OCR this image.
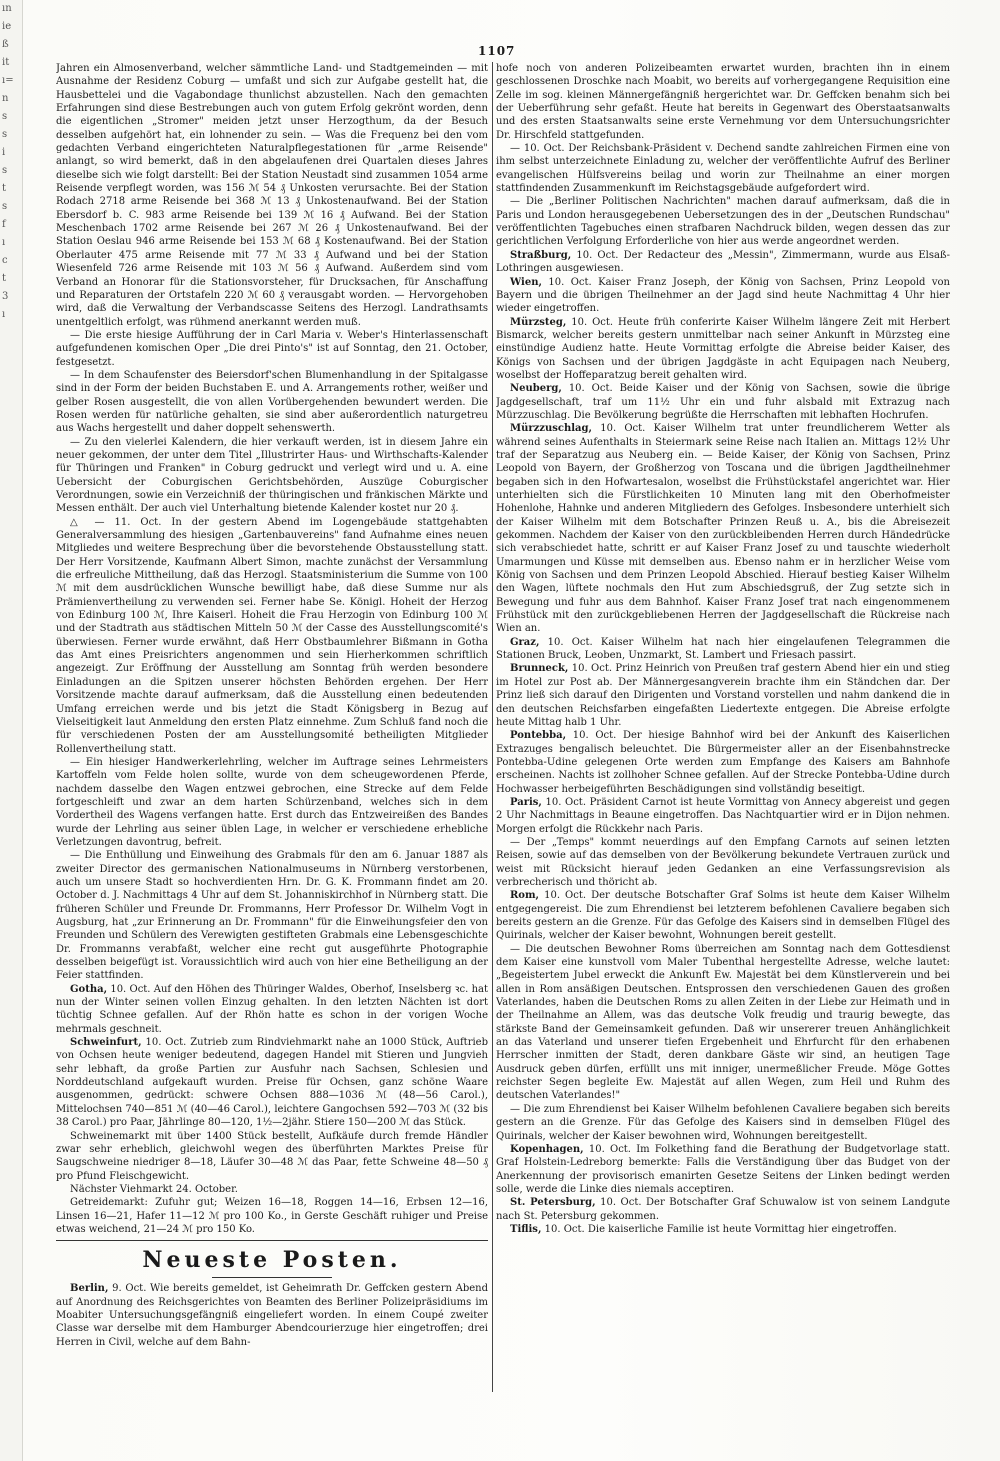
ın
ie
ß
it
ı=
n
s
s
i
s
t
s
f
ı
c
t
3
ı
1107

Jahren ein Almosenverband, welcher sämmtliche Land- und Stadtgemeinden — mit Ausnahme der Residenz Coburg — umfaßt und sich zur Aufgabe gestellt hat, die Hausbettelei und die Vagabondage thunlichst abzustellen. Nach den gemachten Erfahrungen sind diese Bestrebungen auch von gutem Erfolg gekrönt worden, denn die eigentlichen „Stromer" meiden jetzt unser Herzogthum, da der Besuch desselben aufgehört hat, ein lohnender zu sein. — Was die Frequenz bei den vom gedachten Verband eingerichteten Naturalpflegestationen für „arme Reisende" anlangt, so wird bemerkt, daß in den abgelaufenen drei Quartalen dieses Jahres dieselbe sich wie folgt darstellt: Bei der Station Neustadt sind zusammen 1054 arme Reisende verpflegt worden, was 156 ℳ 54 ₰ Unkosten verursachte. Bei der Station Rodach 2718 arme Reisende bei 368 ℳ 13 ₰ Unkostenaufwand. Bei der Station Ebersdorf b. C. 983 arme Reisende bei 139 ℳ 16 ₰ Aufwand. Bei der Station Meschenbach 1702 arme Reisende bei 267 ℳ 26 ₰ Unkostenaufwand. Bei der Station Oeslau 946 arme Reisende bei 153 ℳ 68 ₰ Kostenaufwand. Bei der Station Oberlauter 475 arme Reisende mit 77 ℳ 33 ₰ Aufwand und bei der Station Wiesenfeld 726 arme Reisende mit 103 ℳ 56 ₰ Aufwand. Außerdem sind vom Verband an Honorar für die Stationsvorsteher, für Drucksachen, für Anschaffung und Reparaturen der Ortstafeln 220 ℳ 60 ₰ verausgabt worden. — Hervorgehoben wird, daß die Verwaltung der Verbandscasse Seitens des Herzogl. Landrathsamts unentgeltlich erfolgt, was rühmend anerkannt werden muß.

— Die erste hiesige Aufführung der in Carl Maria v. Weber's Hinterlassenschaft aufgefundenen komischen Oper „Die drei Pinto's" ist auf Sonntag, den 21. October, festgesetzt.

— In dem Schaufenster des Beiersdorf'schen Blumenhandlung in der Spitalgasse sind in der Form der beiden Buchstaben E. und A. Arrangements rother, weißer und gelber Rosen ausgestellt, die von allen Vorübergehenden bewundert werden. Die Rosen werden für natürliche gehalten, sie sind aber außerordentlich naturgetreu aus Wachs hergestellt und daher doppelt sehenswerth.

— Zu den vielerlei Kalendern, die hier verkauft werden, ist in diesem Jahre ein neuer gekommen, der unter dem Titel „Illustrirter Haus- und Wirthschafts-Kalender für Thüringen und Franken" in Coburg gedruckt und verlegt wird und u. A. eine Uebersicht der Coburgischen Gerichtsbehörden, Auszüge Coburgischer Verordnungen, sowie ein Verzeichniß der thüringischen und fränkischen Märkte und Messen enthält. Der auch viel Unterhaltung bietende Kalender kostet nur 20 ₰.

△ — 11. Oct. In der gestern Abend im Logengebäude stattgehabten Generalversammlung des hiesigen „Gartenbauvereins" fand Aufnahme eines neuen Mitgliedes und weitere Besprechung über die bevorstehende Obstausstellung statt. Der Herr Vorsitzende, Kaufmann Albert Simon, machte zunächst der Versammlung die erfreuliche Mittheilung, daß das Herzogl. Staatsministerium die Summe von 100 ℳ mit dem ausdrücklichen Wunsche bewilligt habe, daß diese Summe nur als Prämienvertheilung zu verwenden sei. Ferner habe Se. Königl. Hoheit der Herzog von Edinburg 100 ℳ, Ihre Kaiserl. Hoheit die Frau Herzogin von Edinburg 100 ℳ und der Stadtrath aus städtischen Mitteln 50 ℳ der Casse des Ausstellungscomité's überwiesen. Ferner wurde erwähnt, daß Herr Obstbaumlehrer Bißmann in Gotha das Amt eines Preisrichters angenommen und sein Hierherkommen schriftlich angezeigt. Zur Eröffnung der Ausstellung am Sonntag früh werden besondere Einladungen an die Spitzen unserer höchsten Behörden ergehen. Der Herr Vorsitzende machte darauf aufmerksam, daß die Ausstellung einen bedeutenden Umfang erreichen werde und bis jetzt die Stadt Königsberg in Bezug auf Vielseitigkeit laut Anmeldung den ersten Platz einnehme. Zum Schluß fand noch die für verschiedenen Posten der am Ausstellungsomité betheiligten Mitglieder Rollenvertheilung statt.

— Ein hiesiger Handwerkerlehrling, welcher im Auftrage seines Lehrmeisters Kartoffeln vom Felde holen sollte, wurde von dem scheugewordenen Pferde, nachdem dasselbe den Wagen entzwei gebrochen, eine Strecke auf dem Felde fortgeschleift und zwar an dem harten Schürzenband, welches sich in dem Vordertheil des Wagens verfangen hatte. Erst durch das Entzweireißen des Bandes wurde der Lehrling aus seiner üblen Lage, in welcher er verschiedene erhebliche Verletzungen davontrug, befreit.

— Die Enthüllung und Einweihung des Grabmals für den am 6. Januar 1887 als zweiter Director des germanischen Nationalmuseums in Nürnberg verstorbenen, auch um unsere Stadt so hochverdienten Hrn. Dr. G. K. Frommann findet am 20. October d. J. Nachmittags 4 Uhr auf dem St. Johanniskirchhof in Nürnberg statt. Die früheren Schüler und Freunde Dr. Frommanns, Herr Professor Dr. Wilhelm Vogt in Augsburg, hat „zur Erinnerung an Dr. Frommann" für die Einweihungsfeier den von Freunden und Schülern des Verewigten gestifteten Grabmals eine Lebensgeschichte Dr. Frommanns verabfaßt, welcher eine recht gut ausgeführte Photographie desselben beigefügt ist. Voraussichtlich wird auch von hier eine Betheiligung an der Feier stattfinden.

Gotha, 10. Oct. Auf den Höhen des Thüringer Waldes, Oberhof, Inselsberg ꝛc. hat nun der Winter seinen vollen Einzug gehalten. In den letzten Nächten ist dort tüchtig Schnee gefallen. Auf der Rhön hatte es schon in der vorigen Woche mehrmals geschneit.

Schweinfurt, 10. Oct. Zutrieb zum Rindviehmarkt nahe an 1000 Stück, Auftrieb von Ochsen heute weniger bedeutend, dagegen Handel mit Stieren und Jungvieh sehr lebhaft, da große Partien zur Ausfuhr nach Sachsen, Schlesien und Norddeutschland aufgekauft wurden. Preise für Ochsen, ganz schöne Waare ausgenommen, gedrückt: schwere Ochsen 888—1036 ℳ (48—56 Carol.), Mittelochsen 740—851 ℳ (40—46 Carol.), leichtere Gangochsen 592—703 ℳ (32 bis 38 Carol.) pro Paar, Jährlinge 80—120, 1½—2jähr. Stiere 150—200 ℳ das Stück.

Schweinemarkt mit über 1400 Stück bestellt, Aufkäufe durch fremde Händler zwar sehr erheblich, gleichwohl wegen des überführten Marktes Preise für Saugschweine niedriger 8—18, Läufer 30—48 ℳ das Paar, fette Schweine 48—50 ₰ pro Pfund Fleischgewicht.

Nächster Viehmarkt 24. October.

Getreidemarkt: Zufuhr gut; Weizen 16—18, Roggen 14—16, Erbsen 12—16, Linsen 16—21, Hafer 11—12 ℳ pro 100 Ko., in Gerste Geschäft ruhiger und Preise etwas weichend, 21—24 ℳ pro 150 Ko.

Neueste Posten.

Berlin, 9. Oct. Wie bereits gemeldet, ist Geheimrath Dr. Geffcken gestern Abend auf Anordnung des Reichsgerichtes von Beamten des Berliner Polizeipräsidiums im Moabiter Untersuchungsgefängniß eingeliefert worden. In einem Coupé zweiter Classe war derselbe mit dem Hamburger Abendcourierzuge hier eingetroffen; drei Herren in Civil, welche auf dem Bahn-

hofe noch von anderen Polizeibeamten erwartet wurden, brachten ihn in einem geschlossenen Droschke nach Moabit, wo bereits auf vorhergegangene Requisition eine Zelle im sog. kleinen Männergefängniß hergerichtet war. Dr. Geffcken benahm sich bei der Ueberführung sehr gefaßt. Heute hat bereits in Gegenwart des Oberstaatsanwalts und des ersten Staatsanwalts seine erste Vernehmung vor dem Untersuchungsrichter Dr. Hirschfeld stattgefunden.

— 10. Oct. Der Reichsbank-Präsident v. Dechend sandte zahlreichen Firmen eine von ihm selbst unterzeichnete Einladung zu, welcher der veröffentlichte Aufruf des Berliner evangelischen Hülfsvereins beilag und worin zur Theilnahme an einer morgen stattfindenden Zusammenkunft im Reichstagsgebäude aufgefordert wird.

— Die „Berliner Politischen Nachrichten" machen darauf aufmerksam, daß die in Paris und London herausgegebenen Uebersetzungen des in der „Deutschen Rundschau" veröffentlichten Tagebuches einen strafbaren Nachdruck bilden, wegen dessen das zur gerichtlichen Verfolgung Erforderliche von hier aus werde angeordnet werden.

Straßburg, 10. Oct. Der Redacteur des „Messin", Zimmermann, wurde aus Elsaß-Lothringen ausgewiesen.

Wien, 10. Oct. Kaiser Franz Joseph, der König von Sachsen, Prinz Leopold von Bayern und die übrigen Theilnehmer an der Jagd sind heute Nachmittag 4 Uhr hier wieder eingetroffen.

Mürzsteg, 10. Oct. Heute früh conferirte Kaiser Wilhelm längere Zeit mit Herbert Bismarck, welcher bereits gestern unmittelbar nach seiner Ankunft in Mürzsteg eine einstündige Audienz hatte. Heute Vormittag erfolgte die Abreise beider Kaiser, des Königs von Sachsen und der übrigen Jagdgäste in acht Equipagen nach Neuberg, woselbst der Hoffeparatzug bereit gehalten wird.

Neuberg, 10. Oct. Beide Kaiser und der König von Sachsen, sowie die übrige Jagdgesellschaft, traf um 11½ Uhr ein und fuhr alsbald mit Extrazug nach Mürzzuschlag. Die Bevölkerung begrüßte die Herrschaften mit lebhaften Hochrufen.

Mürzzuschlag, 10. Oct. Kaiser Wilhelm trat unter freundlicherem Wetter als während seines Aufenthalts in Steiermark seine Reise nach Italien an. Mittags 12½ Uhr traf der Separatzug aus Neuberg ein. — Beide Kaiser, der König von Sachsen, Prinz Leopold von Bayern, der Großherzog von Toscana und die übrigen Jagdtheilnehmer begaben sich in den Hofwartesalon, woselbst die Frühstückstafel angerichtet war. Hier unterhielten sich die Fürstlichkeiten 10 Minuten lang mit den Oberhofmeister Hohenlohe, Hahnke und anderen Mitgliedern des Gefolges. Insbesondere unterhielt sich der Kaiser Wilhelm mit dem Botschafter Prinzen Reuß u. A., bis die Abreisezeit gekommen. Nachdem der Kaiser von den zurückbleibenden Herren durch Händedrücke sich verabschiedet hatte, schritt er auf Kaiser Franz Josef zu und tauschte wiederholt Umarmungen und Küsse mit demselben aus. Ebenso nahm er in herzlicher Weise vom König von Sachsen und dem Prinzen Leopold Abschied. Hierauf bestieg Kaiser Wilhelm den Wagen, lüftete nochmals den Hut zum Abschiedsgruß, der Zug setzte sich in Bewegung und fuhr aus dem Bahnhof. Kaiser Franz Josef trat nach eingenommenem Frühstück mit den zurückgebliebenen Herren der Jagdgesellschaft die Rückreise nach Wien an.

Graz, 10. Oct. Kaiser Wilhelm hat nach hier eingelaufenen Telegrammen die Stationen Bruck, Leoben, Unzmarkt, St. Lambert und Friesach passirt.

Brunneck, 10. Oct. Prinz Heinrich von Preußen traf gestern Abend hier ein und stieg im Hotel zur Post ab. Der Männergesangverein brachte ihm ein Ständchen dar. Der Prinz ließ sich darauf den Dirigenten und Vorstand vorstellen und nahm dankend die in den deutschen Reichsfarben eingefaßten Liedertexte entgegen. Die Abreise erfolgte heute Mittag halb 1 Uhr.

Pontebba, 10. Oct. Der hiesige Bahnhof wird bei der Ankunft des Kaiserlichen Extrazuges bengalisch beleuchtet. Die Bürgermeister aller an der Eisenbahnstrecke Pontebba-Udine gelegenen Orte werden zum Empfange des Kaisers am Bahnhofe erscheinen. Nachts ist zollhoher Schnee gefallen. Auf der Strecke Pontebba-Udine durch Hochwasser herbeigeführten Beschädigungen sind vollständig beseitigt.

Paris, 10. Oct. Präsident Carnot ist heute Vormittag von Annecy abgereist und gegen 2 Uhr Nachmittags in Beaune eingetroffen. Das Nachtquartier wird er in Dijon nehmen. Morgen erfolgt die Rückkehr nach Paris.

— Der „Temps" kommt neuerdings auf den Empfang Carnots auf seinen letzten Reisen, sowie auf das demselben von der Bevölkerung bekundete Vertrauen zurück und weist mit Rücksicht hierauf jeden Gedanken an eine Verfassungsrevision als verbrecherisch und thöricht ab.

Rom, 10. Oct. Der deutsche Botschafter Graf Solms ist heute dem Kaiser Wilhelm entgegengereist. Die zum Ehrendienst bei letzterem befohlenen Cavaliere begaben sich bereits gestern an die Grenze. Für das Gefolge des Kaisers sind in demselben Flügel des Quirinals, welcher der Kaiser bewohnt, Wohnungen bereit gestellt.

— Die deutschen Bewohner Roms überreichen am Sonntag nach dem Gottesdienst dem Kaiser eine kunstvoll vom Maler Tubenthal hergestellte Adresse, welche lautet: „Begeistertem Jubel erweckt die Ankunft Ew. Majestät bei dem Künstlerverein und bei allen in Rom ansäßigen Deutschen. Entsprossen den verschiedenen Gauen des großen Vaterlandes, haben die Deutschen Roms zu allen Zeiten in der Liebe zur Heimath und in der Theilnahme an Allem, was das deutsche Volk freudig und traurig bewegte, das stärkste Band der Gemeinsamkeit gefunden. Daß wir unsererer treuen Anhänglichkeit an das Vaterland und unserer tiefen Ergebenheit und Ehrfurcht für den erhabenen Herrscher inmitten der Stadt, deren dankbare Gäste wir sind, an heutigen Tage Ausdruck geben dürfen, erfüllt uns mit inniger, unermeßlicher Freude. Möge Gottes reichster Segen begleite Ew. Majestät auf allen Wegen, zum Heil und Ruhm des deutschen Vaterlandes!"

— Die zum Ehrendienst bei Kaiser Wilhelm befohlenen Cavaliere begaben sich bereits gestern an die Grenze. Für das Gefolge des Kaisers sind in demselben Flügel des Quirinals, welcher der Kaiser bewohnen wird, Wohnungen bereitgestellt.

Kopenhagen, 10. Oct. Im Folkething fand die Berathung der Budgetvorlage statt. Graf Holstein-Ledreborg bemerkte: Falls die Verständigung über das Budget von der Anerkennung der provisorisch emanirten Gesetze Seitens der Linken bedingt werden solle, werde die Linke dies niemals acceptiren.

St. Petersburg, 10. Oct. Der Botschafter Graf Schuwalow ist von seinem Landgute nach St. Petersburg gekommen.

Tiflis, 10. Oct. Die kaiserliche Familie ist heute Vormittag hier eingetroffen.
